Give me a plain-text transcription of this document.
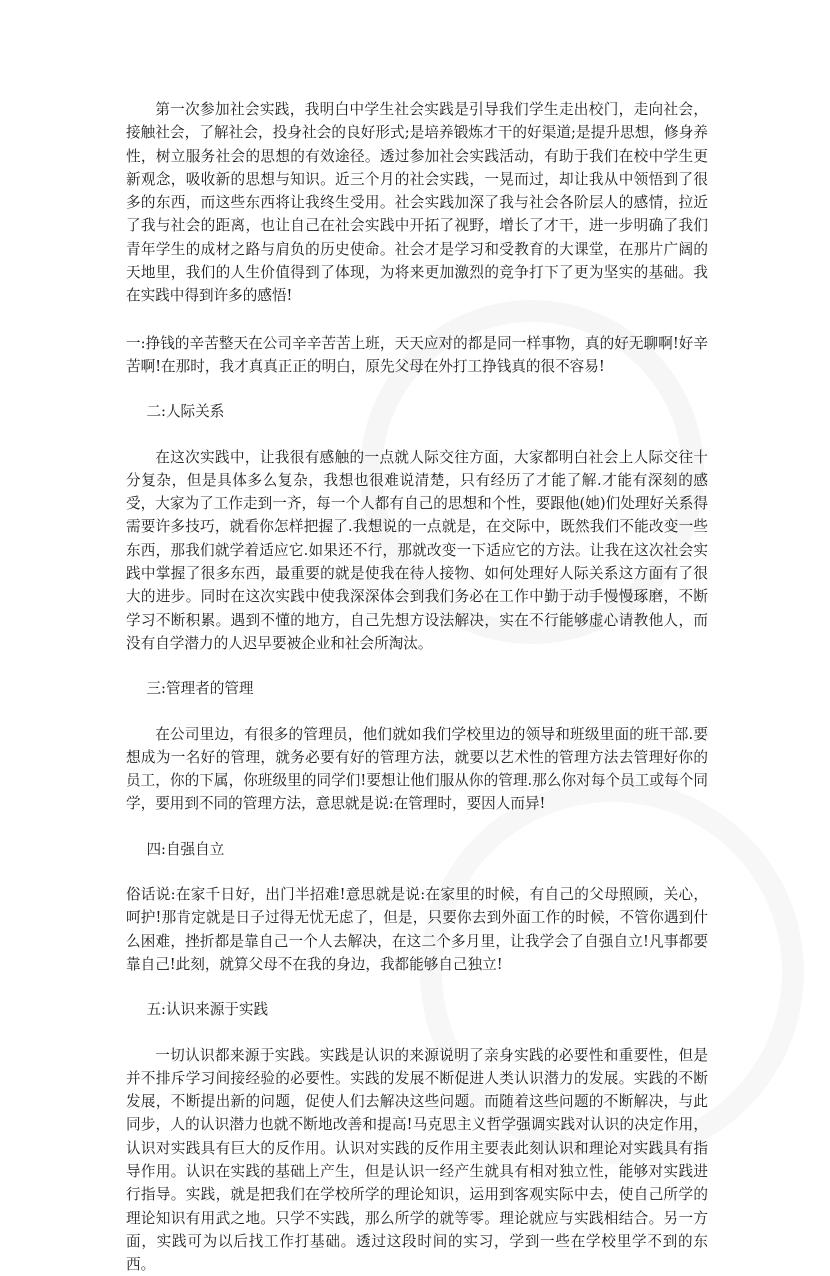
第一次参加社会实践，我明白中学生社会实践是引导我们学生走出校门，走向社会，接触社会，了解社会，投身社会的良好形式;是培养锻炼才干的好渠道;是提升思想，修身养性，树立服务社会的思想的有效途径。透过参加社会实践活动，有助于我们在校中学生更新观念，吸收新的思想与知识。近三个月的社会实践，一晃而过，却让我从中领悟到了很多的东西，而这些东西将让我终生受用。社会实践加深了我与社会各阶层人的感情，拉近了我与社会的距离，也让自己在社会实践中开拓了视野，增长了才干，进一步明确了我们青年学生的成材之路与肩负的历史使命。社会才是学习和受教育的大课堂，在那片广阔的天地里，我们的人生价值得到了体现，为将来更加激烈的竞争打下了更为坚实的基础。我在实践中得到许多的感悟!

一:挣钱的辛苦整天在公司辛辛苦苦上班，天天应对的都是同一样事物，真的好无聊啊!好辛苦啊!在那时，我才真真正正的明白，原先父母在外打工挣钱真的很不容易!

二:人际关系

在这次实践中，让我很有感触的一点就人际交往方面，大家都明白社会上人际交往十分复杂，但是具体多么复杂，我想也很难说清楚，只有经历了才能了解.才能有深刻的感受，大家为了工作走到一齐，每一个人都有自己的思想和个性，要跟他(她)们处理好关系得需要许多技巧，就看你怎样把握了.我想说的一点就是，在交际中，既然我们不能改变一些东西，那我们就学着适应它.如果还不行，那就改变一下适应它的方法。让我在这次社会实践中掌握了很多东西，最重要的就是使我在待人接物、如何处理好人际关系这方面有了很大的进步。同时在这次实践中使我深深体会到我们务必在工作中勤于动手慢慢琢磨，不断学习不断积累。遇到不懂的地方，自己先想方设法解决，实在不行能够虚心请教他人，而没有自学潜力的人迟早要被企业和社会所淘汰。

三:管理者的管理

在公司里边，有很多的管理员，他们就如我们学校里边的领导和班级里面的班干部.要想成为一名好的管理，就务必要有好的管理方法，就要以艺术性的管理方法去管理好你的员工，你的下属，你班级里的同学们!要想让他们服从你的管理.那么你对每个员工或每个同学，要用到不同的管理方法，意思就是说:在管理时，要因人而异!

四:自强自立

俗话说:在家千日好，出门半招难!意思就是说:在家里的时候，有自己的父母照顾，关心，呵护!那肯定就是日子过得无忧无虑了，但是，只要你去到外面工作的时候，不管你遇到什么困难，挫折都是靠自己一个人去解决，在这二个多月里，让我学会了自强自立!凡事都要靠自己!此刻，就算父母不在我的身边，我都能够自己独立!

五:认识来源于实践

一切认识都来源于实践。实践是认识的来源说明了亲身实践的必要性和重要性，但是并不排斥学习间接经验的必要性。实践的发展不断促进人类认识潜力的发展。实践的不断发展，不断提出新的问题，促使人们去解决这些问题。而随着这些问题的不断解决，与此同步，人的认识潜力也就不断地改善和提高!马克思主义哲学强调实践对认识的决定作用，认识对实践具有巨大的反作用。认识对实践的反作用主要表此刻认识和理论对实践具有指导作用。认识在实践的基础上产生，但是认识一经产生就具有相对独立性，能够对实践进行指导。实践，就是把我们在学校所学的理论知识，运用到客观实际中去，使自己所学的理论知识有用武之地。只学不实践，那么所学的就等零。理论就应与实践相结合。另一方面，实践可为以后找工作打基础。透过这段时间的实习，学到一些在学校里学不到的东西。
